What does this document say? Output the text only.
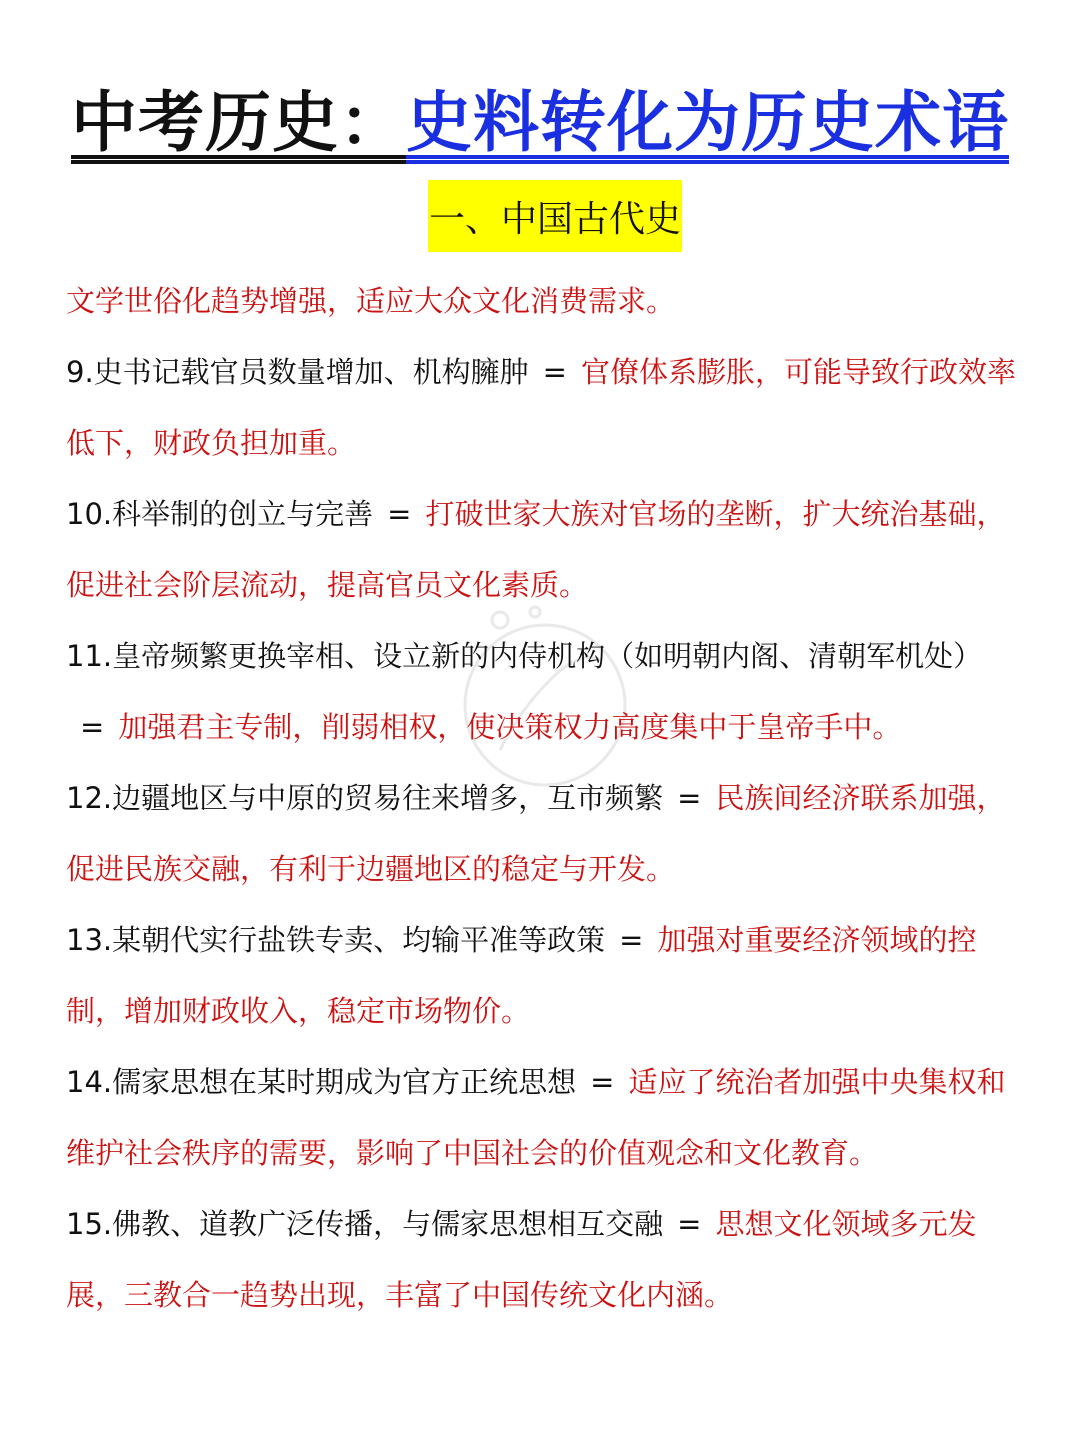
中考历史：史料转化为历史术语
一、中国古代史

文学世俗化趋势增强，适应大众文化消费需求。

9.史书记载官员数量增加、机构臃肿 = 官僚体系膨胀，可能导致行政效率低下，财政负担加重。

10.科举制的创立与完善 = 打破世家大族对官场的垄断，扩大统治基础，促进社会阶层流动，提高官员文化素质。

11.皇帝频繁更换宰相、设立新的内侍机构（如明朝内阁、清朝军机处）= 加强君主专制，削弱相权，使决策权力高度集中于皇帝手中。

12.边疆地区与中原的贸易往来增多，互市频繁 = 民族间经济联系加强，促进民族交融，有利于边疆地区的稳定与开发。

13.某朝代实行盐铁专卖、均输平准等政策 = 加强对重要经济领域的控制，增加财政收入，稳定市场物价。

14.儒家思想在某时期成为官方正统思想 = 适应了统治者加强中央集权和维护社会秩序的需要，影响了中国社会的价值观念和文化教育。

15.佛教、道教广泛传播，与儒家思想相互交融 = 思想文化领域多元发展，三教合一趋势出现，丰富了中国传统文化内涵。
